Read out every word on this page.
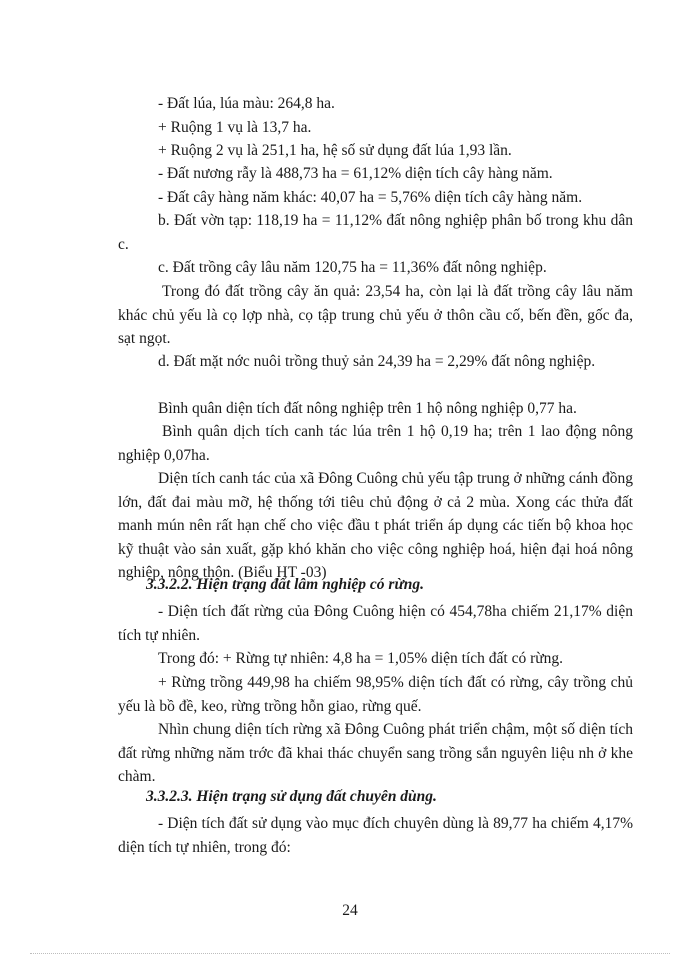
- Đất lúa, lúa màu: 264,8 ha.

+ Ruộng 1 vụ là 13,7 ha.

+ Ruộng 2 vụ là 251,1 ha, hệ số sử dụng đất lúa 1,93 lần.

- Đất nương rẫy là 488,73 ha = 61,12% diện tích cây hàng năm.

- Đất cây hàng năm khác: 40,07 ha = 5,76% diện tích cây hàng năm.

b. Đất vờn tạp: 118,19 ha = 11,12% đất nông nghiệp phân bố trong khu dân c.

c. Đất trồng cây lâu năm 120,75 ha = 11,36% đất nông nghiệp.

Trong đó đất trồng cây ăn quả: 23,54 ha, còn lại là đất trồng cây lâu năm khác chủ yếu là cọ lợp nhà, cọ tập trung chủ yếu ở thôn cầu cố, bến đền, gốc đa, sạt ngọt.

d. Đất mặt nớc nuôi trồng thuỷ sản 24,39 ha = 2,29% đất nông nghiệp.

Bình quân diện tích đất nông nghiệp trên 1 hộ nông nghiệp 0,77 ha.

Bình quân dịch tích canh tác lúa trên 1 hộ 0,19 ha; trên 1 lao động nông nghiệp 0,07ha.

Diện tích canh tác của xã Đông Cuông chủ yếu tập trung ở những cánh đồng lớn, đất đai màu mỡ, hệ thống tới tiêu chủ động ở cả 2 mùa. Xong các thửa đất manh mún nên rất hạn chế cho việc đầu t phát triển áp dụng các tiến bộ khoa học kỹ thuật vào sản xuất, gặp khó khăn cho việc công nghiệp hoá, hiện đại hoá nông nghiệp, nông thôn. (Biểu HT -03)

3.3.2.2. Hiện trạng đất lâm nghiệp có rừng.

- Diện tích đất rừng của Đông Cuông hiện có 454,78ha chiếm 21,17% diện tích tự nhiên.

Trong đó: + Rừng tự nhiên: 4,8 ha = 1,05% diện tích đất có rừng.

+ Rừng trồng 449,98 ha chiếm 98,95% diện tích đất có rừng, cây trồng chủ yếu là bồ đề, keo, rừng trồng hỗn giao, rừng quế.

Nhìn chung diện tích rừng xã Đông Cuông phát triển chậm, một số diện tích đất rừng những năm trớc đã khai thác chuyển sang trồng sắn nguyên liệu nh ở khe chàm.

3.3.2.3. Hiện trạng sử dụng đất chuyên dùng.

- Diện tích đất sử dụng vào mục đích chuyên dùng là 89,77 ha chiếm 4,17% diện tích tự nhiên, trong đó:

24
